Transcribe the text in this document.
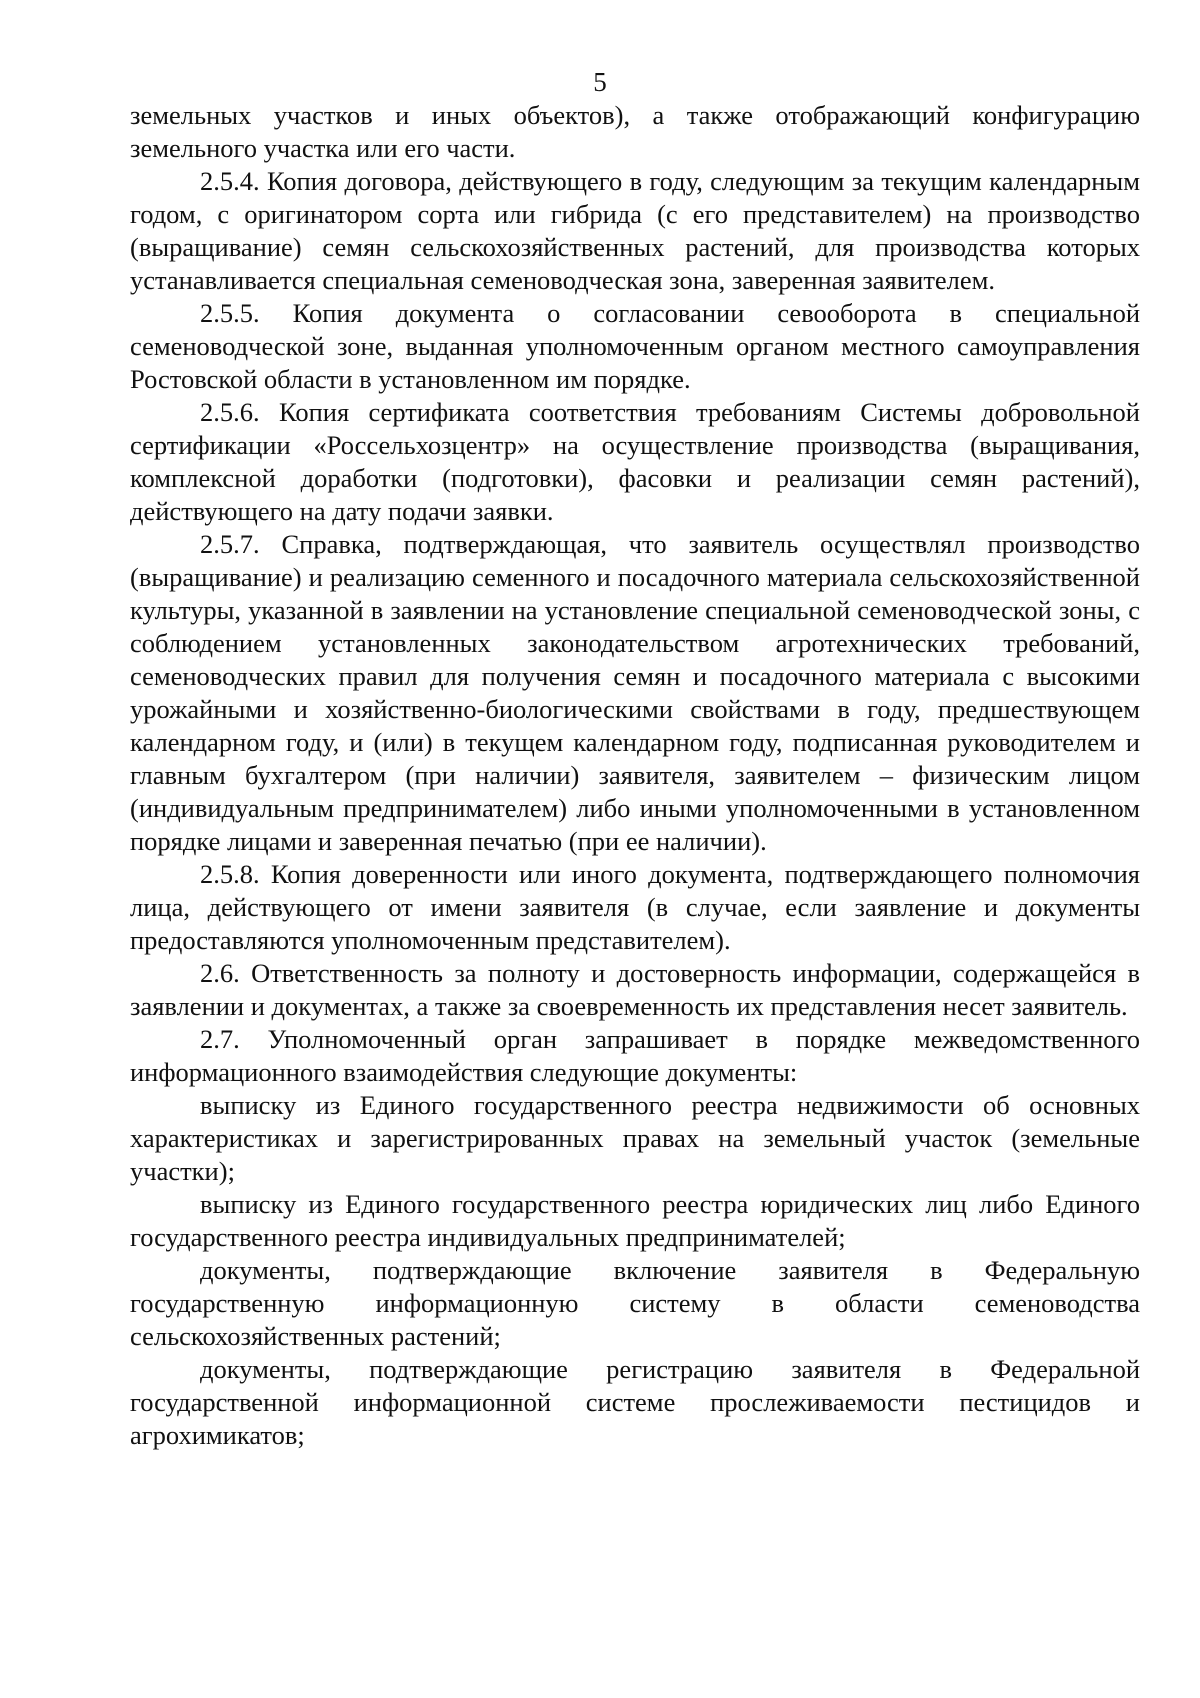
5

земельных участков и иных объектов), а также отображающий конфигурацию земельного участка или его части.

2.5.4. Копия договора, действующего в году, следующим за текущим календарным годом, с оригинатором сорта или гибрида (с его представителем) на производство (выращивание) семян сельскохозяйственных растений, для производства которых устанавливается специальная семеноводческая зона, заверенная заявителем.

2.5.5. Копия документа о согласовании севооборота в специальной семеноводческой зоне, выданная уполномоченным органом местного самоуправления Ростовской области в установленном им порядке.

2.5.6. Копия сертификата соответствия требованиям Системы добровольной сертификации «Россельхозцентр» на осуществление производства (выращивания, комплексной доработки (подготовки), фасовки и реализации семян растений), действующего на дату подачи заявки.

2.5.7. Справка, подтверждающая, что заявитель осуществлял производство (выращивание) и реализацию семенного и посадочного материала сельскохозяйственной культуры, указанной в заявлении на установление специальной семеноводческой зоны, с соблюдением установленных законодательством агротехнических требований, семеноводческих правил для получения семян и посадочного материала с высокими урожайными и хозяйственно-биологическими свойствами в году, предшествующем календарном году, и (или) в текущем календарном году, подписанная руководителем и главным бухгалтером (при наличии) заявителя, заявителем – физическим лицом (индивидуальным предпринимателем) либо иными уполномоченными в установленном порядке лицами и заверенная печатью (при ее наличии).

2.5.8. Копия доверенности или иного документа, подтверждающего полномочия лица, действующего от имени заявителя (в случае, если заявление и документы предоставляются уполномоченным представителем).

2.6. Ответственность за полноту и достоверность информации, содержащейся в заявлении и документах, а также за своевременность их представления несет заявитель.

2.7. Уполномоченный орган запрашивает в порядке межведомственного информационного взаимодействия следующие документы:

выписку из Единого государственного реестра недвижимости об основных характеристиках и зарегистрированных правах на земельный участок (земельные участки);

выписку из Единого государственного реестра юридических лиц либо Единого государственного реестра индивидуальных предпринимателей;

документы, подтверждающие включение заявителя в Федеральную государственную информационную систему в области семеноводства сельскохозяйственных растений;

документы, подтверждающие регистрацию заявителя в Федеральной государственной информационной системе прослеживаемости пестицидов и агрохимикатов;
